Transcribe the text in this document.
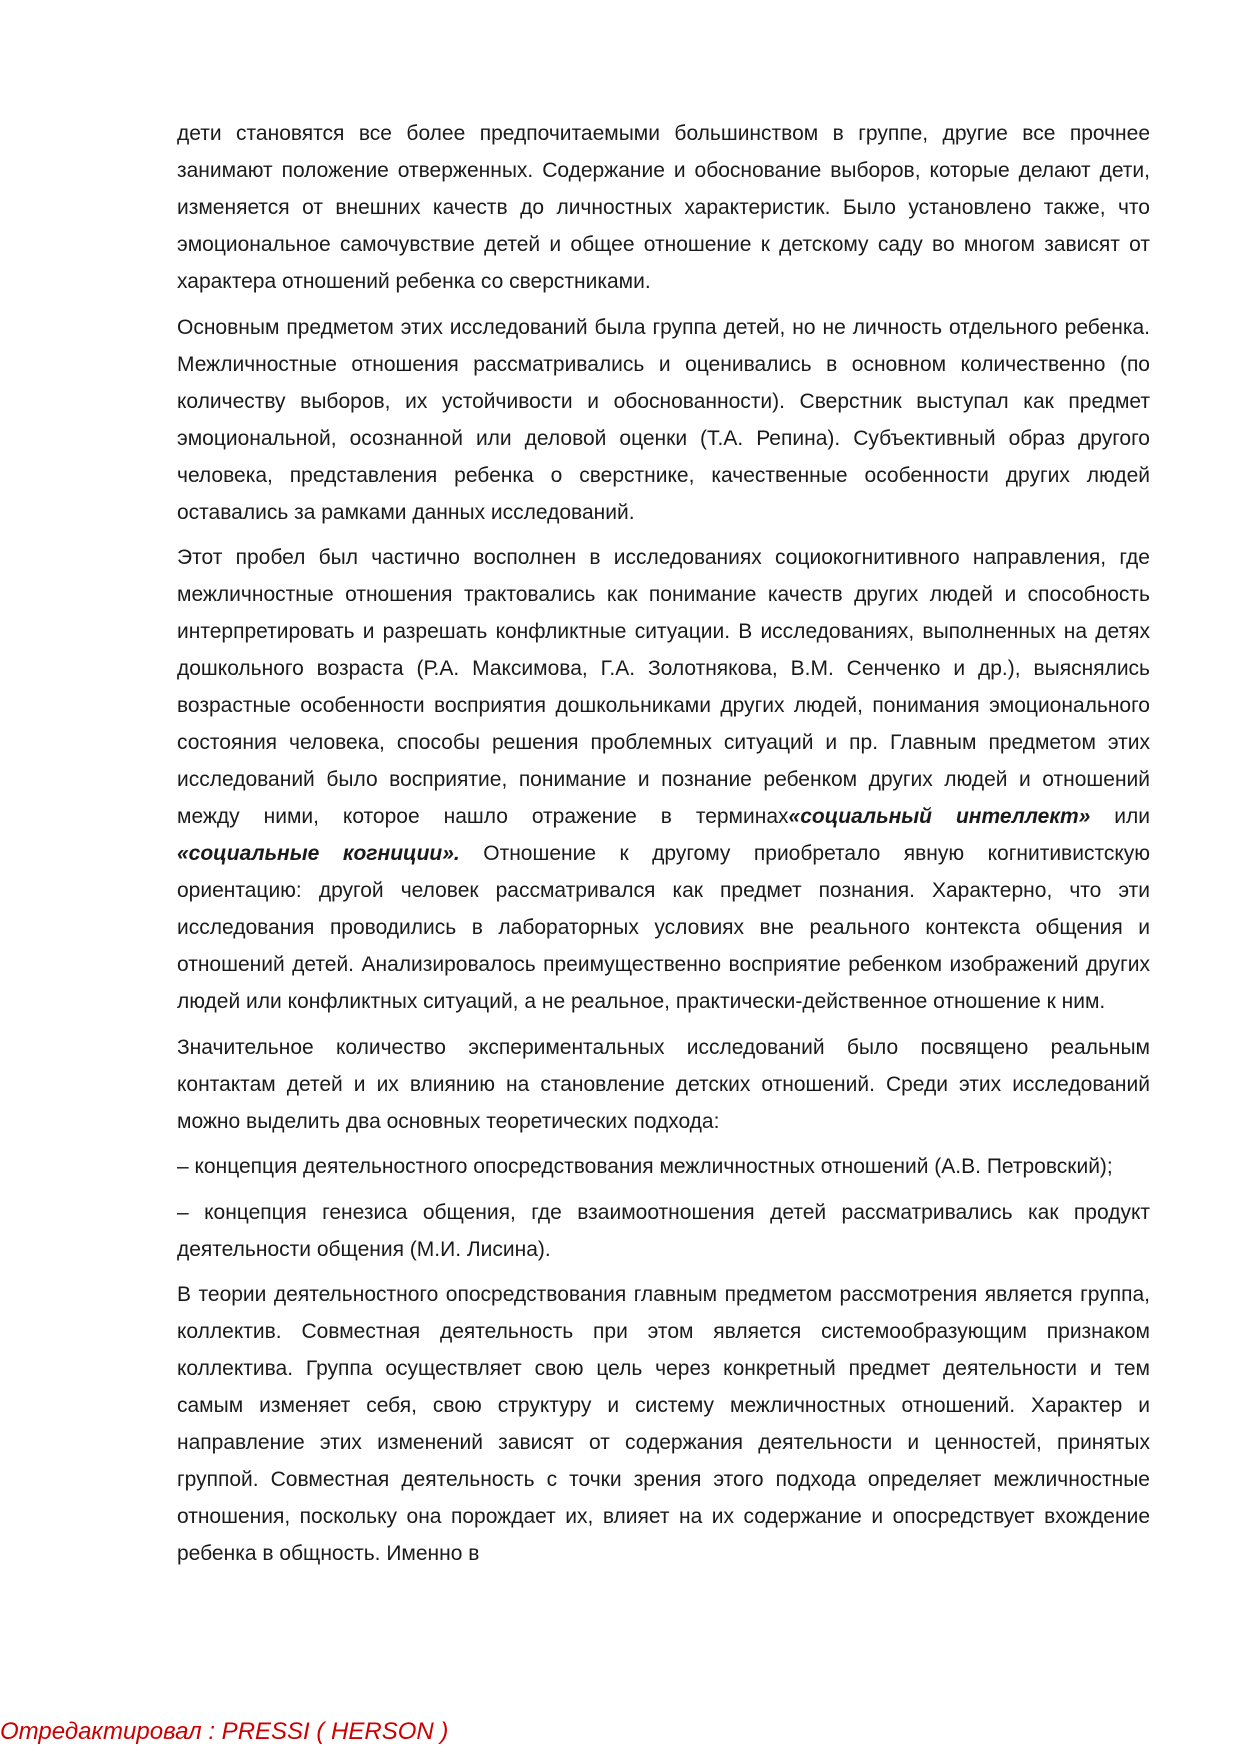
дети становятся все более предпочитаемыми большинством в группе, другие все прочнее занимают положение отверженных. Содержание и обоснование выборов, которые делают дети, изменяется от внешних качеств до личностных характеристик. Было установлено также, что эмоциональное самочувствие детей и общее отношение к детскому саду во многом зависят от характера отношений ребенка со сверстниками.

Основным предметом этих исследований была группа детей, но не личность отдельного ребенка. Межличностные отношения рассматривались и оценивались в основном количественно (по количеству выборов, их устойчивости и обоснованности). Сверстник выступал как предмет эмоциональной, осознанной или деловой оценки (Т.А. Репина). Субъективный образ другого человека, представления ребенка о сверстнике, качественные особенности других людей оставались за рамками данных исследований.

Этот пробел был частично восполнен в исследованиях социокогнитивного направления, где межличностные отношения трактовались как понимание качеств других людей и способность интерпретировать и разрешать конфликтные ситуации. В исследованиях, выполненных на детях дошкольного возраста (Р.А. Максимова, Г.А. Золотнякова, В.М. Сенченко и др.), выяснялись возрастные особенности восприятия дошкольниками других людей, понимания эмоционального состояния человека, способы решения проблемных ситуаций и пр. Главным предметом этих исследований было восприятие, понимание и познание ребенком других людей и отношений между ними, которое нашло отражение в терминах«социальный интеллект» или «социальные когниции». Отношение к другому приобретало явную когнитивистскую ориентацию: другой человек рассматривался как предмет познания. Характерно, что эти исследования проводились в лабораторных условиях вне реального контекста общения и отношений детей. Анализировалось преимущественно восприятие ребенком изображений других людей или конфликтных ситуаций, а не реальное, практически-действенное отношение к ним.

Значительное количество экспериментальных исследований было посвящено реальным контактам детей и их влиянию на становление детских отношений. Среди этих исследований можно выделить два основных теоретических подхода:

– концепция деятельностного опосредствования межличностных отношений (А.В. Петровский);

– концепция генезиса общения, где взаимоотношения детей рассматривались как продукт деятельности общения (М.И. Лисина).

В теории деятельностного опосредствования главным предметом рассмотрения является группа, коллектив. Совместная деятельность при этом является системообразующим признаком коллектива. Группа осуществляет свою цель через конкретный предмет деятельности и тем самым изменяет себя, свою структуру и систему межличностных отношений. Характер и направление этих изменений зависят от содержания деятельности и ценностей, принятых группой. Совместная деятельность с точки зрения этого подхода определяет межличностные отношения, поскольку она порождает их, влияет на их содержание и опосредствует вхождение ребенка в общность. Именно в

Отредактировал : PRESSI ( HERSON )
